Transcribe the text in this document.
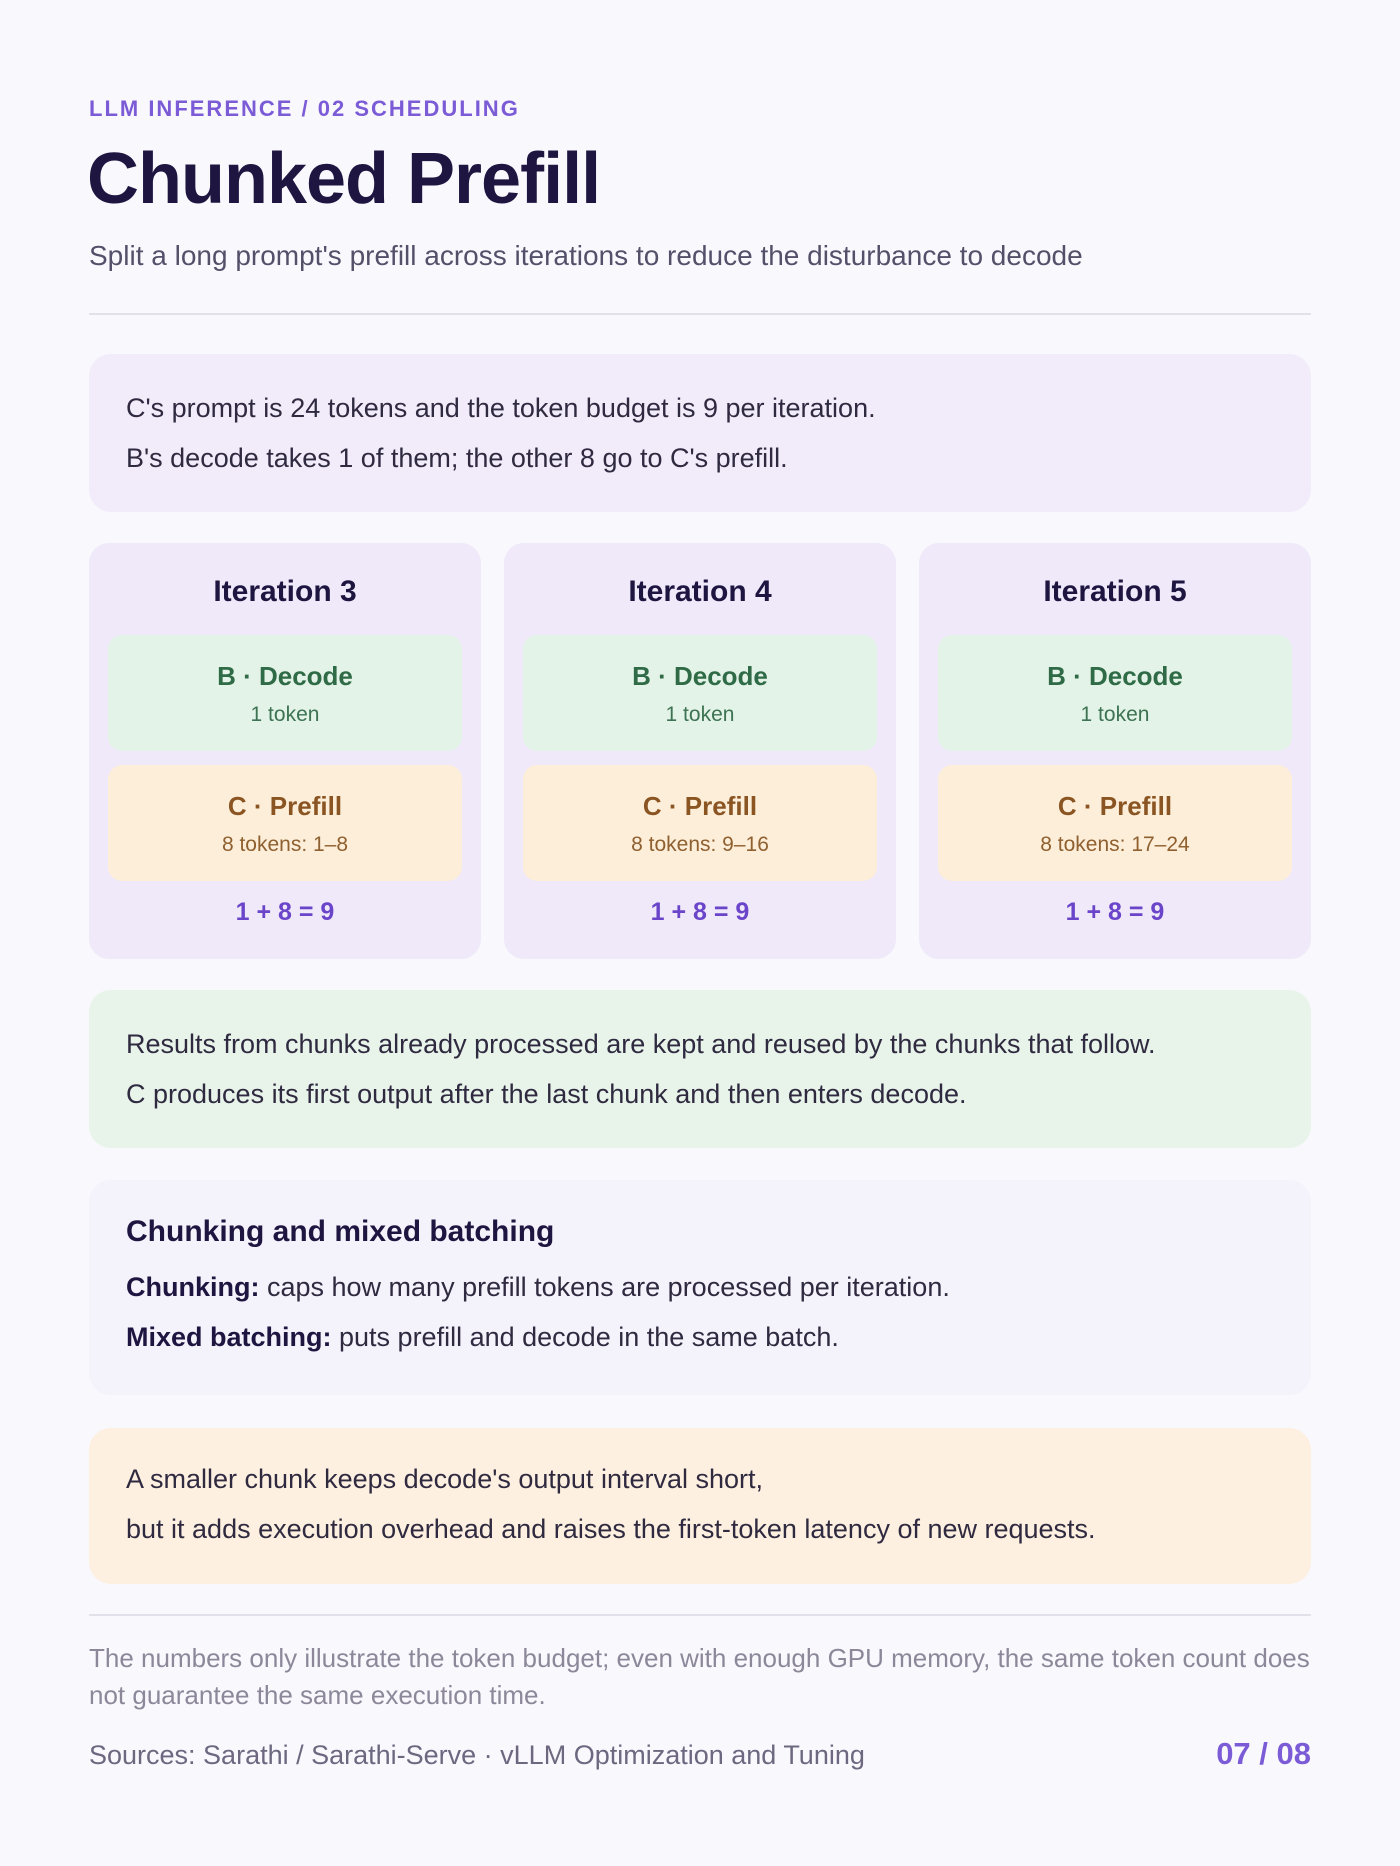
LLM INFERENCE / 02 SCHEDULING
Chunked Prefill
Split a long prompt's prefill across iterations to reduce the disturbance to decode
C's prompt is 24 tokens and the token budget is 9 per iteration.
B's decode takes 1 of them; the other 8 go to C's prefill.
Iteration 3
B · Decode
1 token
C · Prefill
8 tokens: 1–8
1 + 8 = 9
Iteration 4
B · Decode
1 token
C · Prefill
8 tokens: 9–16
1 + 8 = 9
Iteration 5
B · Decode
1 token
C · Prefill
8 tokens: 17–24
1 + 8 = 9
Results from chunks already processed are kept and reused by the chunks that follow.
C produces its first output after the last chunk and then enters decode.
Chunking and mixed batching
Chunking: caps how many prefill tokens are processed per iteration.
Mixed batching: puts prefill and decode in the same batch.
A smaller chunk keeps decode's output interval short,
but it adds execution overhead and raises the first-token latency of new requests.
The numbers only illustrate the token budget; even with enough GPU memory, the same token count does not guarantee the same execution time.
Sources: Sarathi / Sarathi-Serve · vLLM Optimization and Tuning	07 / 08
